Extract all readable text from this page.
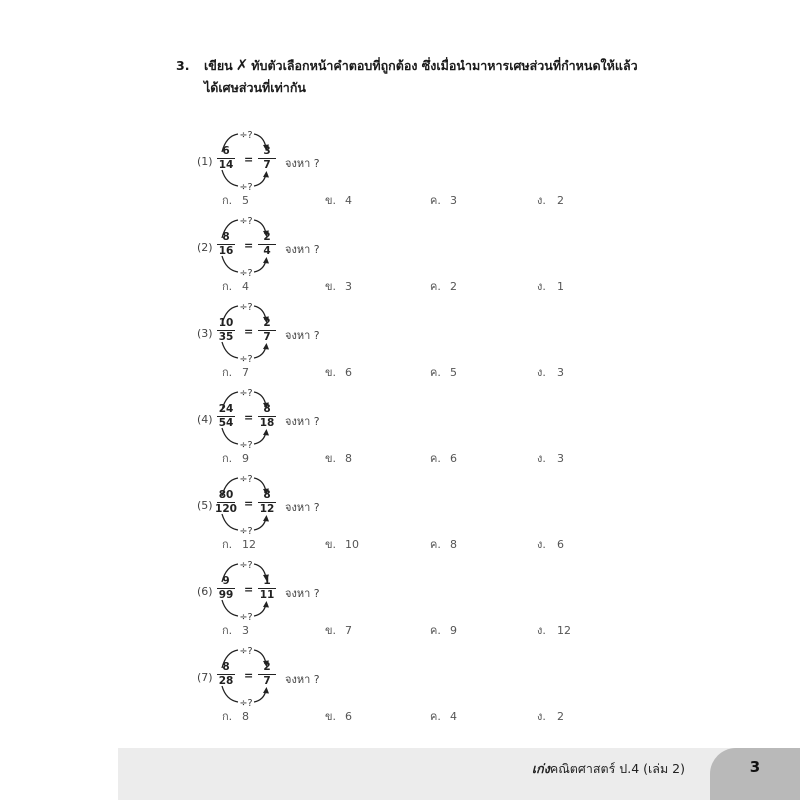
3. เขียน ✗ ทับตัวเลือกหน้าคำตอบที่ถูกต้อง ซึ่งเมื่อนำมาหารเศษส่วนที่กำหนดให้แล้ว
ได้เศษส่วนที่เท่ากัน
(1)
÷?
÷?
6
14
3
7
=	จงหา ?
ก. 5	ข. 4	ค. 3	ง. 2
(2)
÷?
÷?
8
16
2
4
=	จงหา ?
ก. 4	ข. 3	ค. 2	ง. 1
(3)
÷?
÷?
10
35
2
7
=	จงหา ?
ก. 7	ข. 6	ค. 5	ง. 3
(4)
÷?
÷?
24
54
8
18
=	จงหา ?
ก. 9	ข. 8	ค. 6	ง. 3
(5)
÷?
÷?
80
120
8
12
=	จงหา ?
ก. 12	ข. 10	ค. 8	ง. 6
(6)
÷?
÷?
9
99
1
11
=	จงหา ?
ก. 3	ข. 7	ค. 9	ง. 12
(7)
÷?
÷?
8
28
2
7
=	จงหา ?
ก. 8	ข. 6	ค. 4	ง. 2
เก่งคณิตศาสตร์ ป.4 (เล่ม 2)	3
